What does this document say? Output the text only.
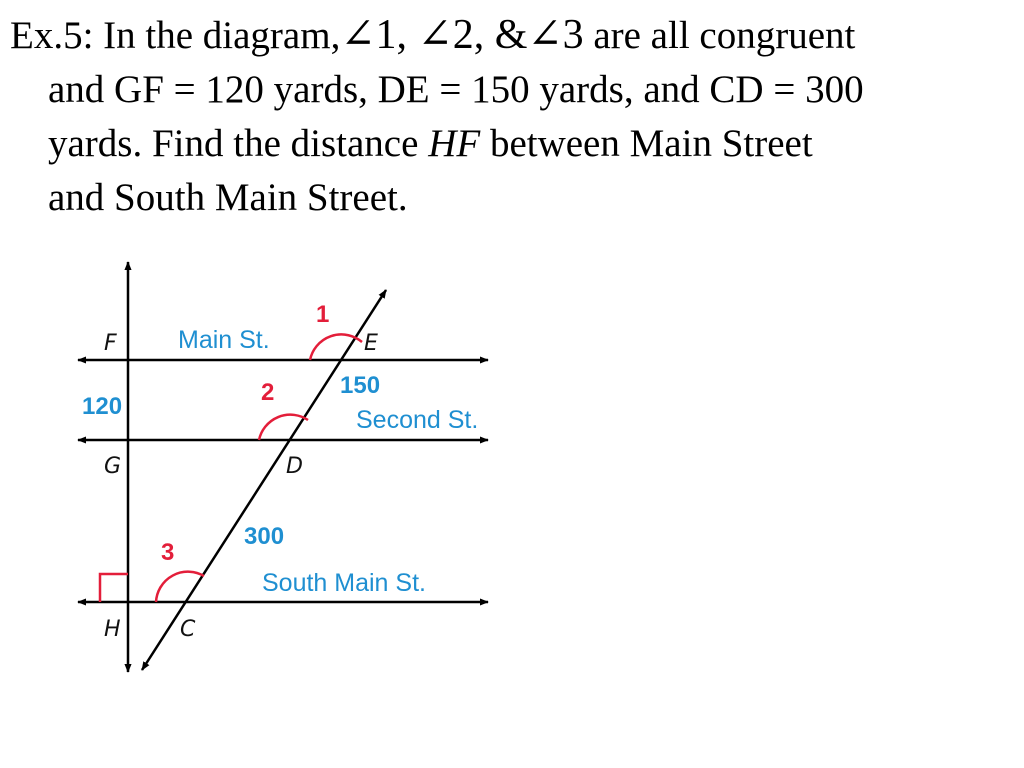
Ex.5: In the diagram,∠1, ∠2, &∠3 are all congruent
and GF = 120 yards, DE = 150 yards, and CD = 300
yards. Find the distance HF between Main Street
and South Main Street.
F	E
G	D
H	C
Main St.
Second St.
South Main St.
120
150
300
1
2
3
